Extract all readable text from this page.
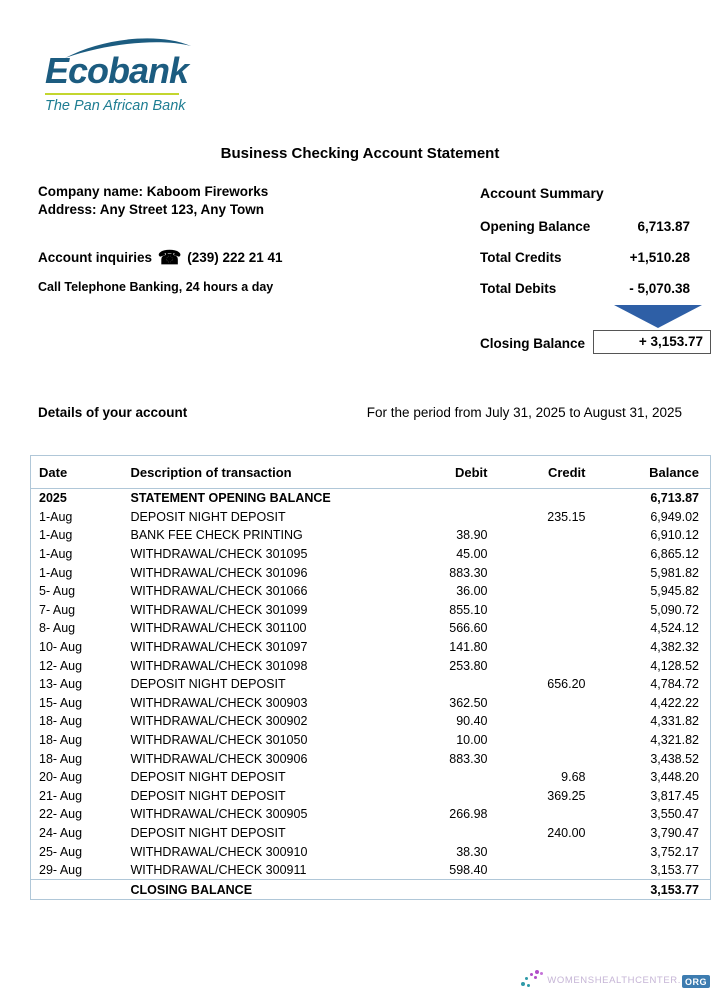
Ecobank
The Pan African Bank
Business Checking Account Statement
Company name: Kaboom Fireworks
Address: Any Street 123, Any Town
Account inquiries ☎ (239) 222 21 41
Call Telephone Banking, 24 hours a day
Account Summary
Opening Balance	6,713.87
Total Credits	+1,510.28
Total Debits	- 5,070.38
Closing Balance	+ 3,153.77
Details of your account	For the period from July 31, 2025 to August 31, 2025
Date	Description of transaction	Debit	Credit	Balance
2025	STATEMENT OPENING BALANCE			6,713.87
1-Aug	DEPOSIT NIGHT DEPOSIT		235.15	6,949.02
1-Aug	BANK FEE CHECK PRINTING	38.90		6,910.12
1-Aug	WITHDRAWAL/CHECK 301095	45.00		6,865.12
1-Aug	WITHDRAWAL/CHECK 301096	883.30		5,981.82
5- Aug	WITHDRAWAL/CHECK 301066	36.00		5,945.82
7- Aug	WITHDRAWAL/CHECK 301099	855.10		5,090.72
8- Aug	WITHDRAWAL/CHECK 301100	566.60		4,524.12
10- Aug	WITHDRAWAL/CHECK 301097	141.80		4,382.32
12- Aug	WITHDRAWAL/CHECK 301098	253.80		4,128.52
13- Aug	DEPOSIT NIGHT DEPOSIT		656.20	4,784.72
15- Aug	WITHDRAWAL/CHECK 300903	362.50		4,422.22
18- Aug	WITHDRAWAL/CHECK 300902	90.40		4,331.82
18- Aug	WITHDRAWAL/CHECK 301050	10.00		4,321.82
18- Aug	WITHDRAWAL/CHECK 300906	883.30		3,438.52
20- Aug	DEPOSIT NIGHT DEPOSIT		9.68	3,448.20
21- Aug	DEPOSIT NIGHT DEPOSIT		369.25	3,817.45
22- Aug	WITHDRAWAL/CHECK 300905	266.98		3,550.47
24- Aug	DEPOSIT NIGHT DEPOSIT		240.00	3,790.47
25- Aug	WITHDRAWAL/CHECK 300910	38.30		3,752.17
29- Aug	WITHDRAWAL/CHECK 300911	598.40		3,153.77
	CLOSING BALANCE			3,153.77
WOMENSHEALTHCENTER. ORG
